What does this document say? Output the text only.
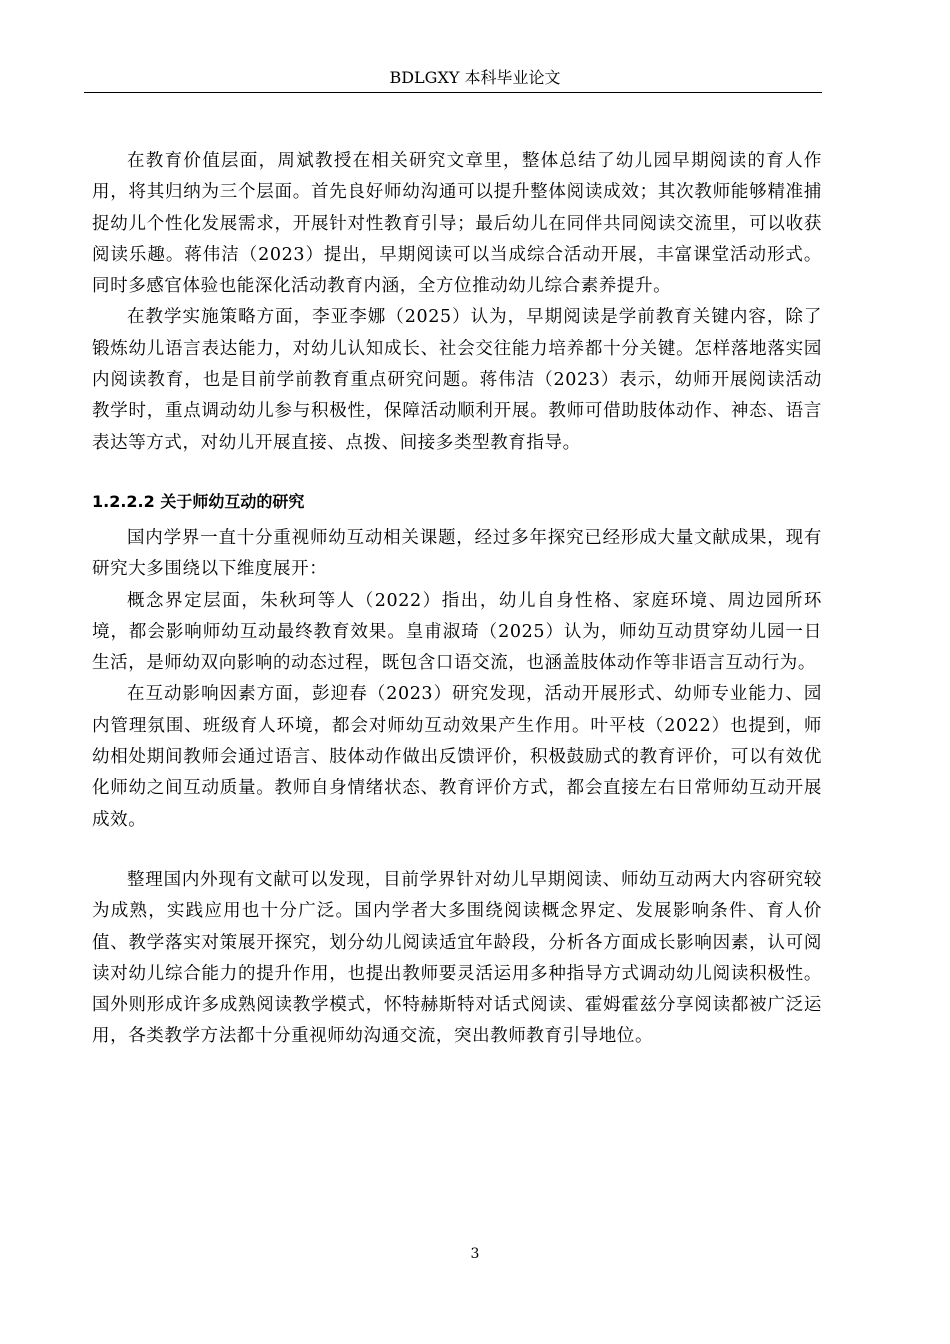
BDLGXY 本科毕业论文

在教育价值层面，周斌教授在相关研究文章里，整体总结了幼儿园早期阅读的育人作用，将其归纳为三个层面。首先良好师幼沟通可以提升整体阅读成效；其次教师能够精准捕捉幼儿个性化发展需求，开展针对性教育引导；最后幼儿在同伴共同阅读交流里，可以收获阅读乐趣。蒋伟洁（2023）提出，早期阅读可以当成综合活动开展，丰富课堂活动形式。同时多感官体验也能深化活动教育内涵，全方位推动幼儿综合素养提升。

在教学实施策略方面，李亚李娜（2025）认为，早期阅读是学前教育关键内容，除了锻炼幼儿语言表达能力，对幼儿认知成长、社会交往能力培养都十分关键。怎样落地落实园内阅读教育，也是目前学前教育重点研究问题。蒋伟洁（2023）表示，幼师开展阅读活动教学时，重点调动幼儿参与积极性，保障活动顺利开展。教师可借助肢体动作、神态、语言表达等方式，对幼儿开展直接、点拨、间接多类型教育指导。

1.2.2.2 关于师幼互动的研究

国内学界一直十分重视师幼互动相关课题，经过多年探究已经形成大量文献成果，现有研究大多围绕以下维度展开：

概念界定层面，朱秋珂等人（2022）指出，幼儿自身性格、家庭环境、周边园所环境，都会影响师幼互动最终教育效果。皇甫淑琦（2025）认为，师幼互动贯穿幼儿园一日生活，是师幼双向影响的动态过程，既包含口语交流，也涵盖肢体动作等非语言互动行为。

在互动影响因素方面，彭迎春（2023）研究发现，活动开展形式、幼师专业能力、园内管理氛围、班级育人环境，都会对师幼互动效果产生作用。叶平枝（2022）也提到，师幼相处期间教师会通过语言、肢体动作做出反馈评价，积极鼓励式的教育评价，可以有效优化师幼之间互动质量。教师自身情绪状态、教育评价方式，都会直接左右日常师幼互动开展成效。

整理国内外现有文献可以发现，目前学界针对幼儿早期阅读、师幼互动两大内容研究较为成熟，实践应用也十分广泛。国内学者大多围绕阅读概念界定、发展影响条件、育人价值、教学落实对策展开探究，划分幼儿阅读适宜年龄段，分析各方面成长影响因素，认可阅读对幼儿综合能力的提升作用，也提出教师要灵活运用多种指导方式调动幼儿阅读积极性。国外则形成许多成熟阅读教学模式，怀特赫斯特对话式阅读、霍姆霍兹分享阅读都被广泛运用，各类教学方法都十分重视师幼沟通交流，突出教师教育引导地位。

3
